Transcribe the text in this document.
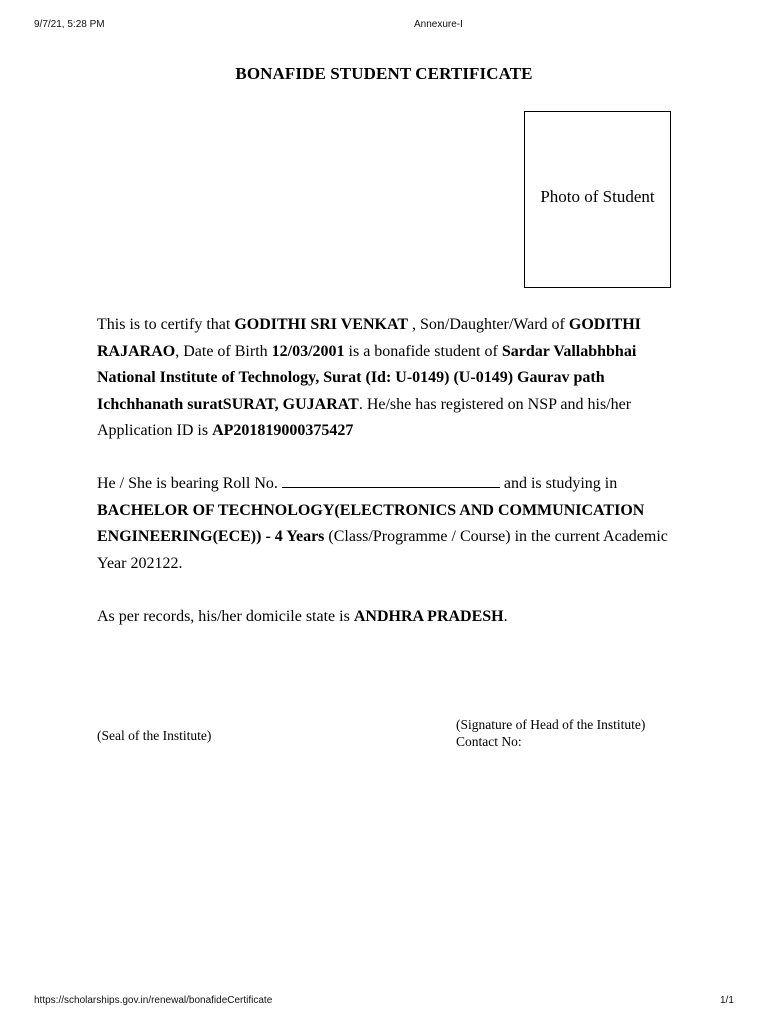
9/7/21, 5:28 PM	Annexure-I
BONAFIDE STUDENT CERTIFICATE
Photo of Student
This is to certify that GODITHI SRI VENKAT , Son/Daughter/Ward of GODITHI RAJARAO, Date of Birth 12/03/2001 is a bonafide student of Sardar Vallabhbhai National Institute of Technology, Surat (Id: U-0149) (U-0149) Gaurav path Ichchhanath suratSURAT, GUJARAT. He/she has registered on NSP and his/her Application ID is AP201819000375427
He / She is bearing Roll No.	and is studying in BACHELOR OF TECHNOLOGY(ELECTRONICS AND COMMUNICATION ENGINEERING(ECE)) - 4 Years (Class/Programme / Course) in the current Academic Year 202122.
As per records, his/her domicile state is ANDHRA PRADESH.
(Seal of the Institute)
(Signature of Head of the Institute)
Contact No:
https://scholarships.gov.in/renewal/bonafideCertificate	1/1
